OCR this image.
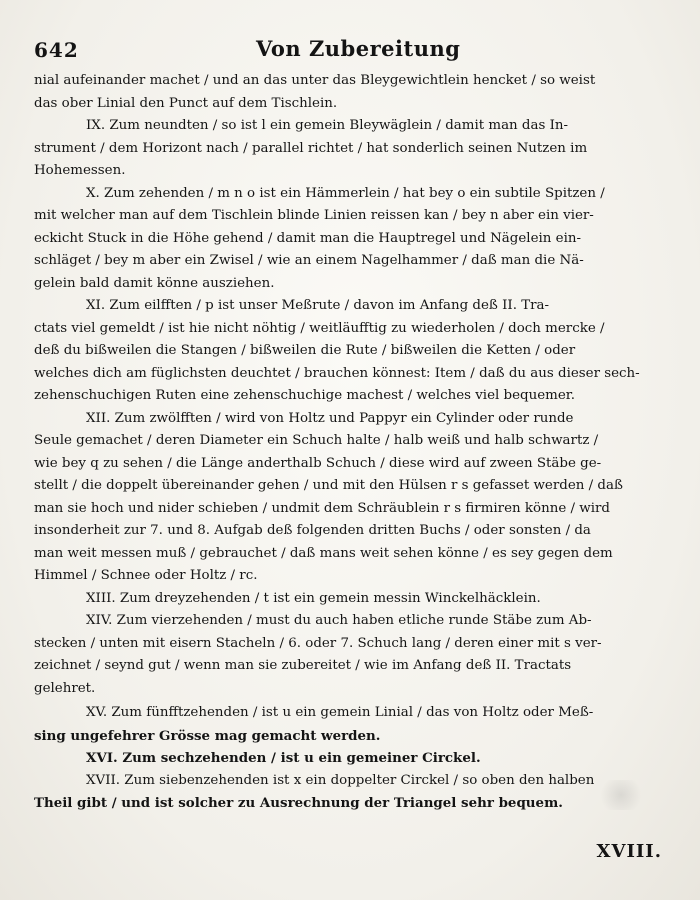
642	Von Zubereitung
nial aufeinander machet / und an das unter das Bleygewichtlein hencket / so weist
das ober Linial den Punct auf dem Tischlein.
IX. Zum neundten / so ist l ein gemein Bleywäglein / damit man das In-
strument / dem Horizont nach / parallel richtet / hat sonderlich seinen Nutzen im
Hohemessen.
X. Zum zehenden / m n o ist ein Hämmerlein / hat bey o ein subtile Spitzen /
mit welcher man auf dem Tischlein blinde Linien reissen kan / bey n aber ein vier-
eckicht Stuck in die Höhe gehend / damit man die Hauptregel und Nägelein ein-
schläget / bey m aber ein Zwisel / wie an einem Nagelhammer / daß man die Nä-
gelein bald damit könne ausziehen.
XI. Zum eilfften / p ist unser Meßrute / davon im Anfang deß II. Tra-
ctats viel gemeldt / ist hie nicht nöhtig / weitläufftig zu wiederholen / doch mercke /
deß du bißweilen die Stangen / bißweilen die Rute / bißweilen die Ketten / oder
welches dich am füglichsten deuchtet / brauchen könnest: Item / daß du aus dieser sech-
zehenschuchigen Ruten eine zehenschuchige machest / welches viel bequemer.
XII. Zum zwölfften / wird von Holtz und Pappyr ein Cylinder oder runde
Seule gemachet / deren Diameter ein Schuch halte / halb weiß und halb schwartz /
wie bey q zu sehen / die Länge anderthalb Schuch / diese wird auf zween Stäbe ge-
stellt / die doppelt übereinander gehen / und mit den Hülsen r s gefasset werden / daß
man sie hoch und nider schieben / undmit dem Schräublein r s firmiren könne / wird
insonderheit zur 7. und 8. Aufgab deß folgenden dritten Buchs / oder sonsten / da
man weit messen muß / gebrauchet / daß mans weit sehen könne / es sey gegen dem
Himmel / Schnee oder Holtz / rc.
XIII. Zum dreyzehenden / t ist ein gemein messin Winckelhäcklein.
XIV. Zum vierzehenden / must du auch haben etliche runde Stäbe zum Ab-
stecken / unten mit eisern Stacheln / 6. oder 7. Schuch lang / deren einer mit s ver-
zeichnet / seynd gut / wenn man sie zubereitet / wie im Anfang deß II. Tractats
gelehret.
XV. Zum fünfftzehenden / ist u ein gemein Linial / das von Holtz oder Meß-
sing ungefehrer Grösse mag gemacht werden.
XVI. Zum sechzehenden / ist u ein gemeiner Circkel.
XVII. Zum siebenzehenden ist x ein doppelter Circkel / so oben den halben
Theil gibt / und ist solcher zu Ausrechnung der Triangel sehr bequem.
XVIII.
